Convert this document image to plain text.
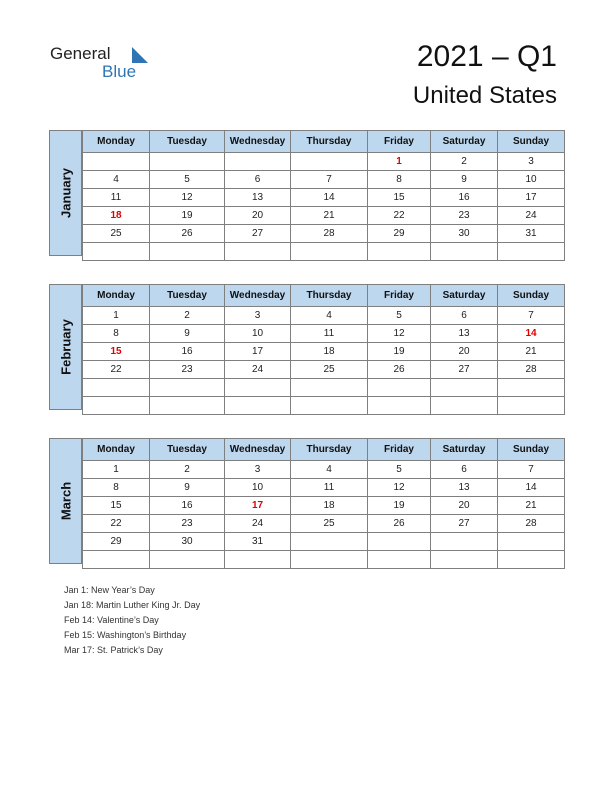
General
Blue	2021 – Q1
United States
January
Monday	Tuesday	Wednesday	Thursday	Friday	Saturday	Sunday
				1	2	3
4	5	6	7	8	9	10
11	12	13	14	15	16	17
18	19	20	21	22	23	24
25	26	27	28	29	30	31

February
Monday	Tuesday	Wednesday	Thursday	Friday	Saturday	Sunday
1	2	3	4	5	6	7
8	9	10	11	12	13	14
15	16	17	18	19	20	21
22	23	24	25	26	27	28

March
Monday	Tuesday	Wednesday	Thursday	Friday	Saturday	Sunday
1	2	3	4	5	6	7
8	9	10	11	12	13	14
15	16	17	18	19	20	21
22	23	24	25	26	27	28
29	30	31				

Jan 1: New Year’s Day
Jan 18: Martin Luther King Jr. Day
Feb 14: Valentine’s Day
Feb 15: Washington’s Birthday
Mar 17: St. Patrick’s Day
